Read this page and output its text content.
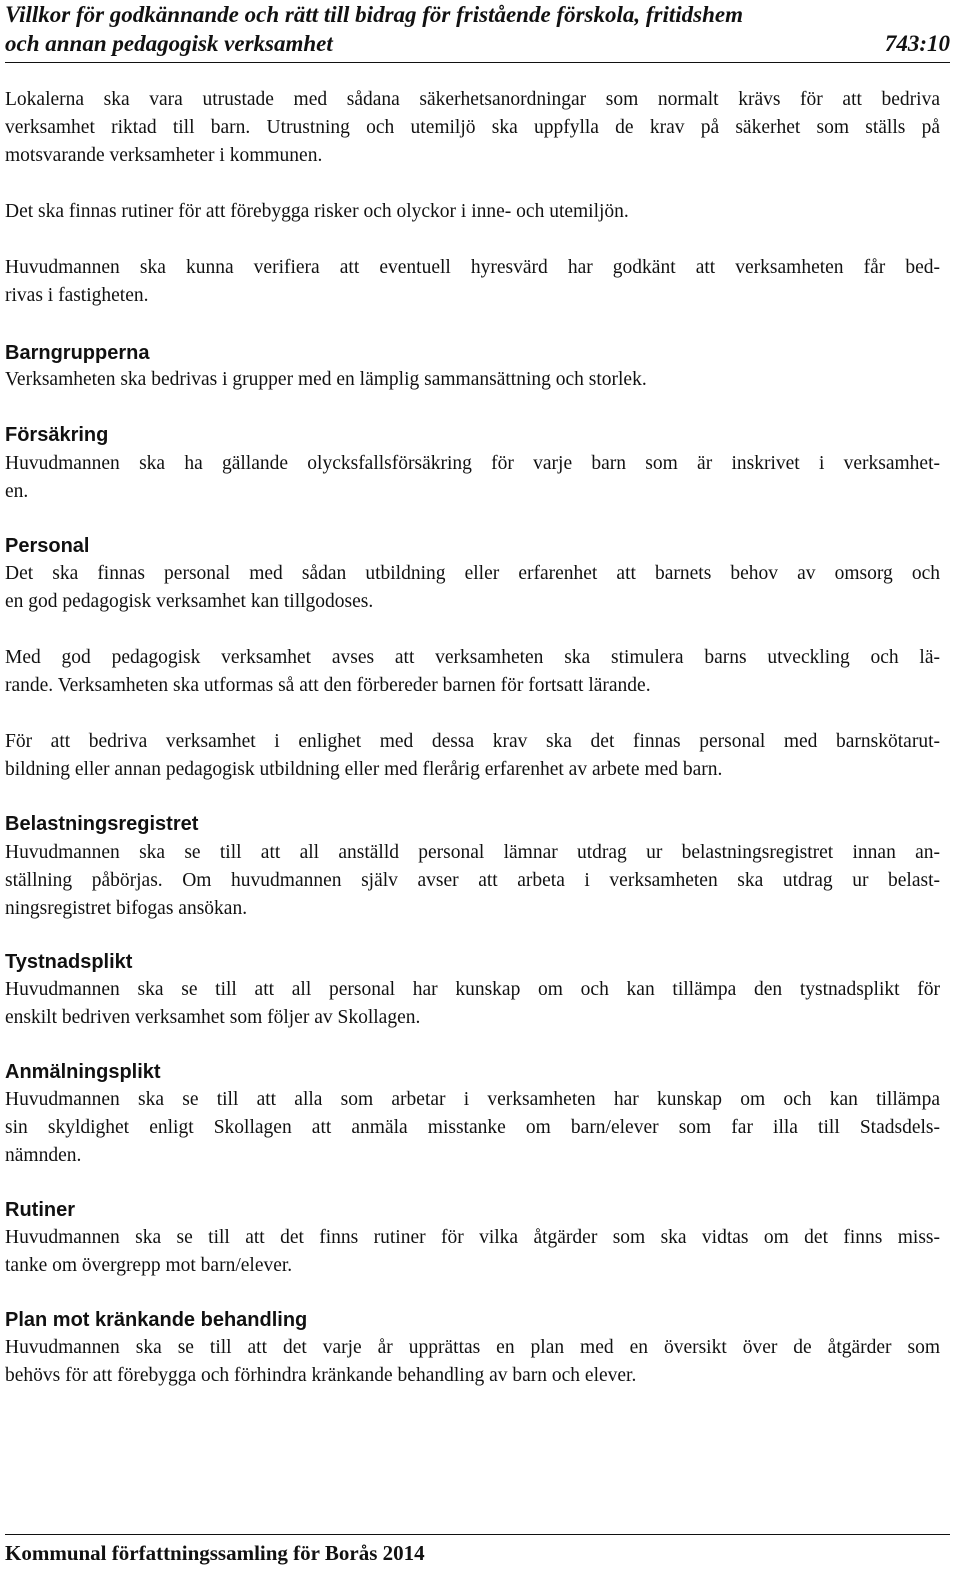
Villkor för godkännande och rätt till bidrag för fristående förskola, fritidshem
och annan pedagogisk verksamhet	743:10

Lokalerna ska vara utrustade med sådana säkerhetsanordningar som normalt krävs för att bedriva
verksamhet riktad till barn. Utrustning och utemiljö ska uppfylla de krav på säkerhet som ställs på
motsvarande verksamheter i kommunen.

Det ska finnas rutiner för att förebygga risker och olyckor i inne- och utemiljön.

Huvudmannen ska kunna verifiera att eventuell hyresvärd har godkänt att verksamheten får bed-
rivas i fastigheten.

Barngrupperna

Verksamheten ska bedrivas i grupper med en lämplig sammansättning och storlek.

Försäkring

Huvudmannen ska ha gällande olycksfallsförsäkring för varje barn som är inskrivet i verksamhet-
en.

Personal

Det ska finnas personal med sådan utbildning eller erfarenhet att barnets behov av omsorg och
en god pedagogisk verksamhet kan tillgodoses.

Med god pedagogisk verksamhet avses att verksamheten ska stimulera barns utveckling och lä-
rande. Verksamheten ska utformas så att den förbereder barnen för fortsatt lärande.

För att bedriva verksamhet i enlighet med dessa krav ska det finnas personal med barnskötarut-
bildning eller annan pedagogisk utbildning eller med flerårig erfarenhet av arbete med barn.

Belastningsregistret

Huvudmannen ska se till att all anställd personal lämnar utdrag ur belastningsregistret innan an-
ställning påbörjas. Om huvudmannen själv avser att arbeta i verksamheten ska utdrag ur belast-
ningsregistret bifogas ansökan.

Tystnadsplikt

Huvudmannen ska se till att all personal har kunskap om och kan tillämpa den tystnadsplikt för
enskilt bedriven verksamhet som följer av Skollagen.

Anmälningsplikt

Huvudmannen ska se till att alla som arbetar i verksamheten har kunskap om och kan tillämpa
sin skyldighet enligt Skollagen att anmäla misstanke om barn/elever som far illa till Stadsdels-
nämnden.

Rutiner

Huvudmannen ska se till att det finns rutiner för vilka åtgärder som ska vidtas om det finns miss-
tanke om övergrepp mot barn/elever.

Plan mot kränkande behandling

Huvudmannen ska se till att det varje år upprättas en plan med en översikt över de åtgärder som
behövs för att förebygga och förhindra kränkande behandling av barn och elever.

Kommunal författningssamling för Borås 2014
